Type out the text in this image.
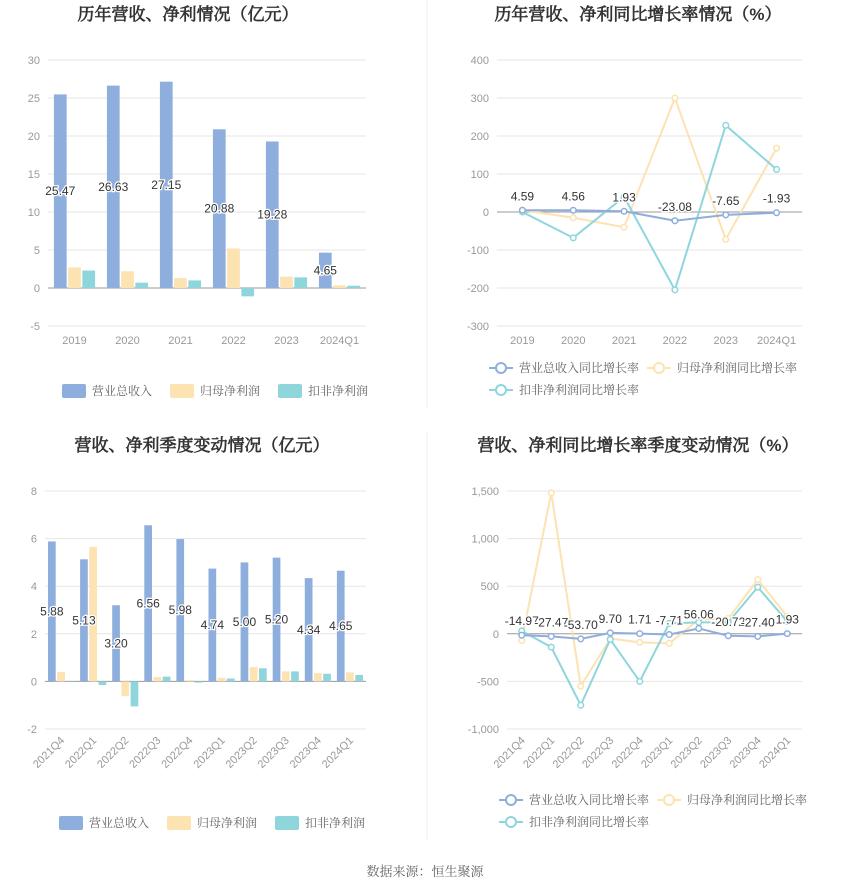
数据来源：恒生聚源
历年营收、净利情况（亿元）
-5
0
5
10
15
20
25
30
2019	2020	2021	2022	2023 2024Q1
25.47 26.63 27.15
20.88 19.28
4.65
营业总收入	归母净利润	扣非净利润
历年营收、净利同比增长率情况（%）
-300
-200
-100
0
100
200
300
400
2019 2020 2021 2022 2023 2024Q1
4.59 4.56 1.93
-23.08 -7.65 -1.93
营业总收入同比增长率	归母净利润同比增长率
扣非净利润同比增长率
营收、净利季度变动情况（亿元）
-2
0
2
4
6
8
2021Q4
2022Q1
2022Q2
2022Q3
2022Q4
2023Q1
2023Q2
2023Q3
2023Q4
2024Q1
5.88
5.13
3.20
6.56 5.98
4.74 5.00 5.20
4.34 4.65
营业总收入	归母净利润	扣非净利润
营收、净利同比增长率季度变动情况（%）
-1,000
-500
0
500
1,000
1,500
2021Q4
2022Q1
2022Q2
2022Q3
2022Q4
2023Q1
2023Q2
2023Q3
2023Q4
2024Q1
-14.97
-27.47
-53.70 9.70 1.71 -7.71 56.06
-20.72
-27.40 1.93
营业总收入同比增长率	归母净利润同比增长率
扣非净利润同比增长率
